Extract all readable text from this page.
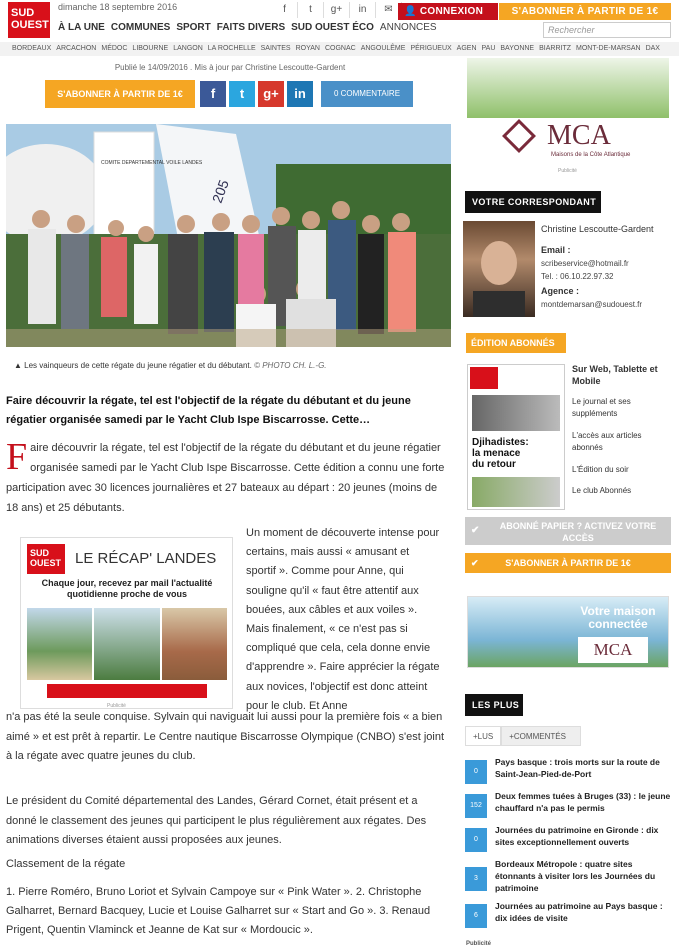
SUD
OUEST
dimanche 18 septembre 2016	f	t	g+	in	✉	👤 CONNEXION	S'ABONNER À PARTIR DE 1€
À LA UNE COMMUNES SPORT FAITS DIVERS SUD OUEST ÉCO ANNONCES	Rechercher
BORDEAUX ARCACHON MÉDOC LIBOURNE LANGON LA ROCHELLE SAINTES ROYAN COGNAC ANGOULÊME PÉRIGUEUX AGEN PAU BAYONNE BIARRITZ MONT-DE-MARSAN DAX
Publié le 14/09/2016 . Mis à jour par Christine Lescoutte-Gardent
S'ABONNER À PARTIR DE 1€	f	t	g+	in	0 COMMENTAIRE
205
COMITE DEPARTEMENTAL VOILE LANDES
▲ Les vainqueurs de cette régate du jeune régatier et du débutant. © PHOTO CH. L.-G.
Faire découvrir la régate, tel est l'objectif de la régate du débutant et du jeune régatier organisée samedi par le Yacht Club Ispe Biscarrosse. Cette…
Faire découvrir la régate, tel est l'objectif de la régate du débutant et du jeune régatier organisée samedi par le Yacht Club Ispe Biscarrosse. Cette édition a connu une forte participation avec 30 licences journalières et 27 bateaux au départ : 20 jeunes (moins de 18 ans) et 25 débutants.
SUD
OUEST LE RÉCAP' LANDES
Chaque jour, recevez par mail l'actualité quotidienne proche de vous
Publicité
Un moment de découverte intense pour certains, mais aussi « amusant et sportif ». Comme pour Anne, qui souligne qu'il « faut être attentif aux bouées, aux câbles et aux voiles ». Mais finalement, « ce n'est pas si compliqué que cela, cela donne envie d'apprendre ». Faire apprécier la régate aux novices, l'objectif est donc atteint pour le club. Et Anne
n'a pas été la seule conquise. Sylvain qui naviguait lui aussi pour la première fois « a bien aimé » et est prêt à repartir. Le Centre nautique Biscarrosse Olympique (CNBO) s'est joint à la régate avec quatre jeunes du club.
Le président du Comité départemental des Landes, Gérard Cornet, était présent et a donné le classement des jeunes qui participent le plus régulièrement aux régates. Des animations diverses étaient aussi proposées aux jeunes.
Classement de la régate
1. Pierre Roméro, Bruno Loriot et Sylvain Campoye sur « Pink Water ». 2. Christophe Galharret, Bernard Bacquey, Lucie et Louise Galharret sur « Start and Go ». 3. Renaud Prigent, Quentin Vlaminck et Jeanne de Kat sur « Mordoucic ».
MCA
Maisons de la Côte Atlantique
Publicité
VOTRE CORRESPONDANT
Christine Lescoutte-Gardent
Email :
scribeservice@hotmail.fr
Tel. : 06.10.22.97.32
Agence :
montdemarsan@sudouest.fr
ÉDITION ABONNÉS
Djihadistes: la menace du retour
Sur Web, Tablette et Mobile
Le journal et ses suppléments
L'accès aux articles abonnés
L'Édition du soir
Le club Abonnés
✔ ABONNÉ PAPIER ? ACTIVEZ VOTRE ACCÈS
✔	S'ABONNER À PARTIR DE 1€
Votre maison connectée
MCA
LES PLUS
+LUS	+COMMENTÉS
0
Pays basque : trois morts sur la route de Saint-Jean-Pied-de-Port
152
Deux femmes tuées à Bruges (33) : le jeune chauffard n'a pas le permis
0
Journées du patrimoine en Gironde : dix sites exceptionnellement ouverts
3
Bordeaux Métropole : quatre sites étonnants à visiter lors les Journées du patrimoine
6
Journées au patrimoine au Pays basque : dix idées de visite
Publicité
